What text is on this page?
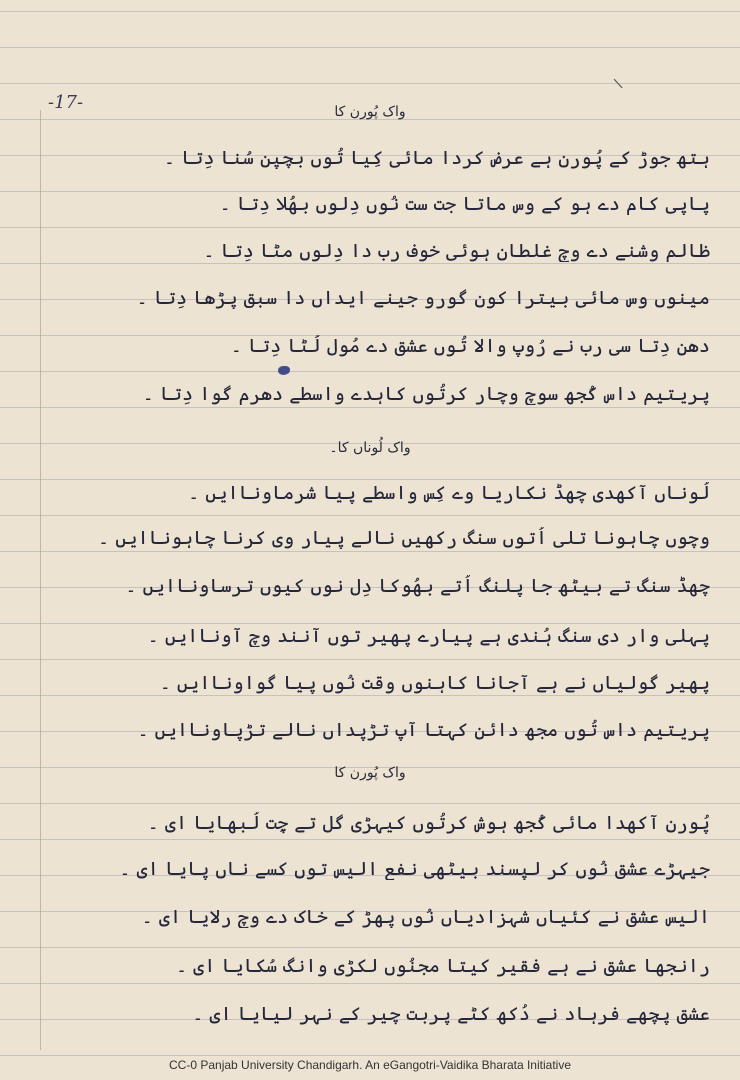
\
-17-	واک پُورن کا
ہتھ جوڑ کے پُورن ہے عرض کردا مائی کِیا تُوں بچپن سُنا دِتا ۔
پاپی کام دے ہو کے وس ماتا جت ست نُوں دِلوں بھُلا دِتا ۔
ظالم وِشنے دے وِچ غلطان ہوئی خوف رب دا دِلوں مٹا دِتا ۔
مینوں وس مائی بیترا کون گورو جینے ایداں دا سبق پڑھا دِتا ۔
دھن دِتا سی رب نے رُوپ والا تُوں عشق دے مُول لُٹا دِتا ۔
پریتیم داس کُجھ سوچ وِچار کرتُوں کاہدے واسطے دھرم گوا دِتا ۔
واک لُوناں کا۔
لُوناں آکھدی چھڈ نکاریا وے کِس واسطے پیا شرماوناایں ۔
وچوں چاہونا تلی اُتوں سنگ رکھیں نالے پیار وی کرنا چاہوناایں ۔
چھڈ سنگ تے بیٹھ جا پلنگ اُتے بھُوکا دِل نوں کیوں ترساوناایں ۔
پہلی وار دی سنگ ہُندی ہے پیارے پھیر توں آنند وِچ آوناایں ۔
پھیر گولیاں نے ہے آجانا کاہنوں وقت نُوں پیا گواوناایں ۔
پریتیم داس تُوں مجھ دائن کہتا آپ تڑپداں نالے تڑپاوناایں ۔
واک پُورن کا
پُورن آکھدا مائی کُجھ ہوش کرتُوں کیہڑی گل تے چِت لُبھایا ای ۔
جیہڑے عشق نُوں کر لپسند بیٹھی نفع الیس توں کسے ناں پایا ای ۔
الیس عشق نے کئیاں شہزادیاں نُوں پھڑ کے خاک دے وِچ رلایا ای ۔
رانجھا عشق نے ہے فقیر کیتا مجنُوں لکڑی وانگ سُکایا ای ۔
عشق پِچھے فرہاد نے دُکھ کٹے پربت چیر کے نہر لیایا ای ۔
CC-0 Panjab University Chandigarh. An eGangotri-Vaidika Bharata Initiative
